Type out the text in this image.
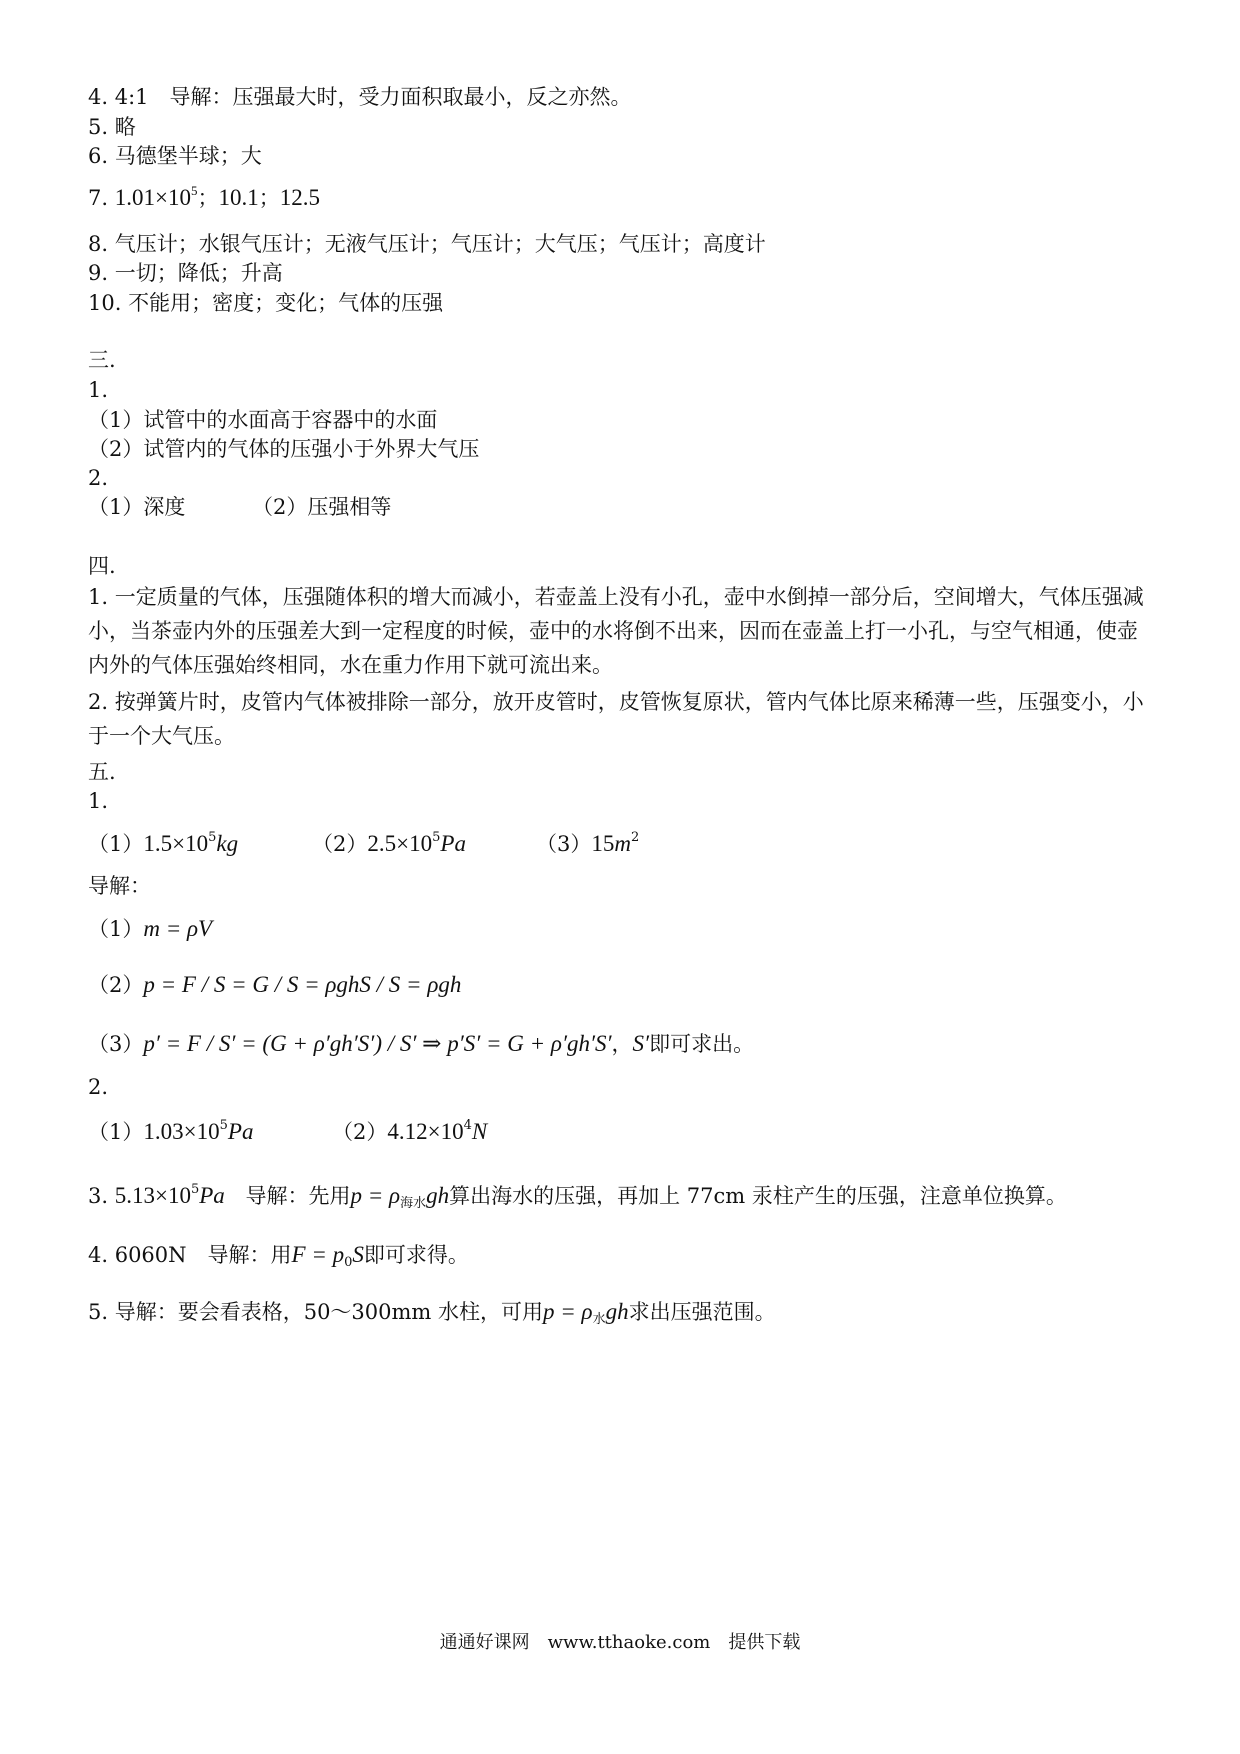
4. 4:1　导解：压强最大时，受力面积取最小，反之亦然。
5. 略
6. 马德堡半球；大
7. $1.01\times 10^5$；10.1；12.5
8. 气压计；水银气压计；无液气压计；气压计；大气压；气压计；高度计
9. 一切；降低；升高
10. 不能用；密度；变化；气体的压强
三.
1.
（1）试管中的水面高于容器中的水面
（2）试管内的气体的压强小于外界大气压
2.
（1）深度	（2）压强相等
四.
1. 一定质量的气体，压强随体积的增大而减小，若壶盖上没有小孔，壶中水倒掉一部分后，空间增大，气体压强减小，当茶壶内外的压强差大到一定程度的时候，壶中的水将倒不出来，因而在壶盖上打一小孔，与空气相通，使壶内外的气体压强始终相同，水在重力作用下就可流出来。
2. 按弹簧片时，皮管内气体被排除一部分，放开皮管时，皮管恢复原状，管内气体比原来稀薄一些，压强变小，小于一个大气压。
五.
1.
$(1)1.5\times 10^5kg$	$(2)2.5\times 10^5Pa$	$(3)15m^2$
导解：
（1）m = ρV
（2）p = F / S = G / S = ρghS / S = ρgh
（3）p′ = F / S′ = (G + ρ′gh′S′) / S′ ⇒ p′S′ = G + ρ′gh′S′，S′即可求出。
2.
$(1)1.03\times 10^5Pa$	$(2)4.12\times 10^4N$
3. $5.13\times 10^5Pa$ 导解：先用$p = \rho_{海水}gh$算出海水的压强，再加上 77cm 汞柱产生的压强，注意单位换算。
4. 6060N　导解：用$F = p_0S$即可求得。
5. 导解：要会看表格，50～300mm 水柱，可用$p = \rho_水gh$求出压强范围。
通通好课网　www.tthaoke.com　提供下载
